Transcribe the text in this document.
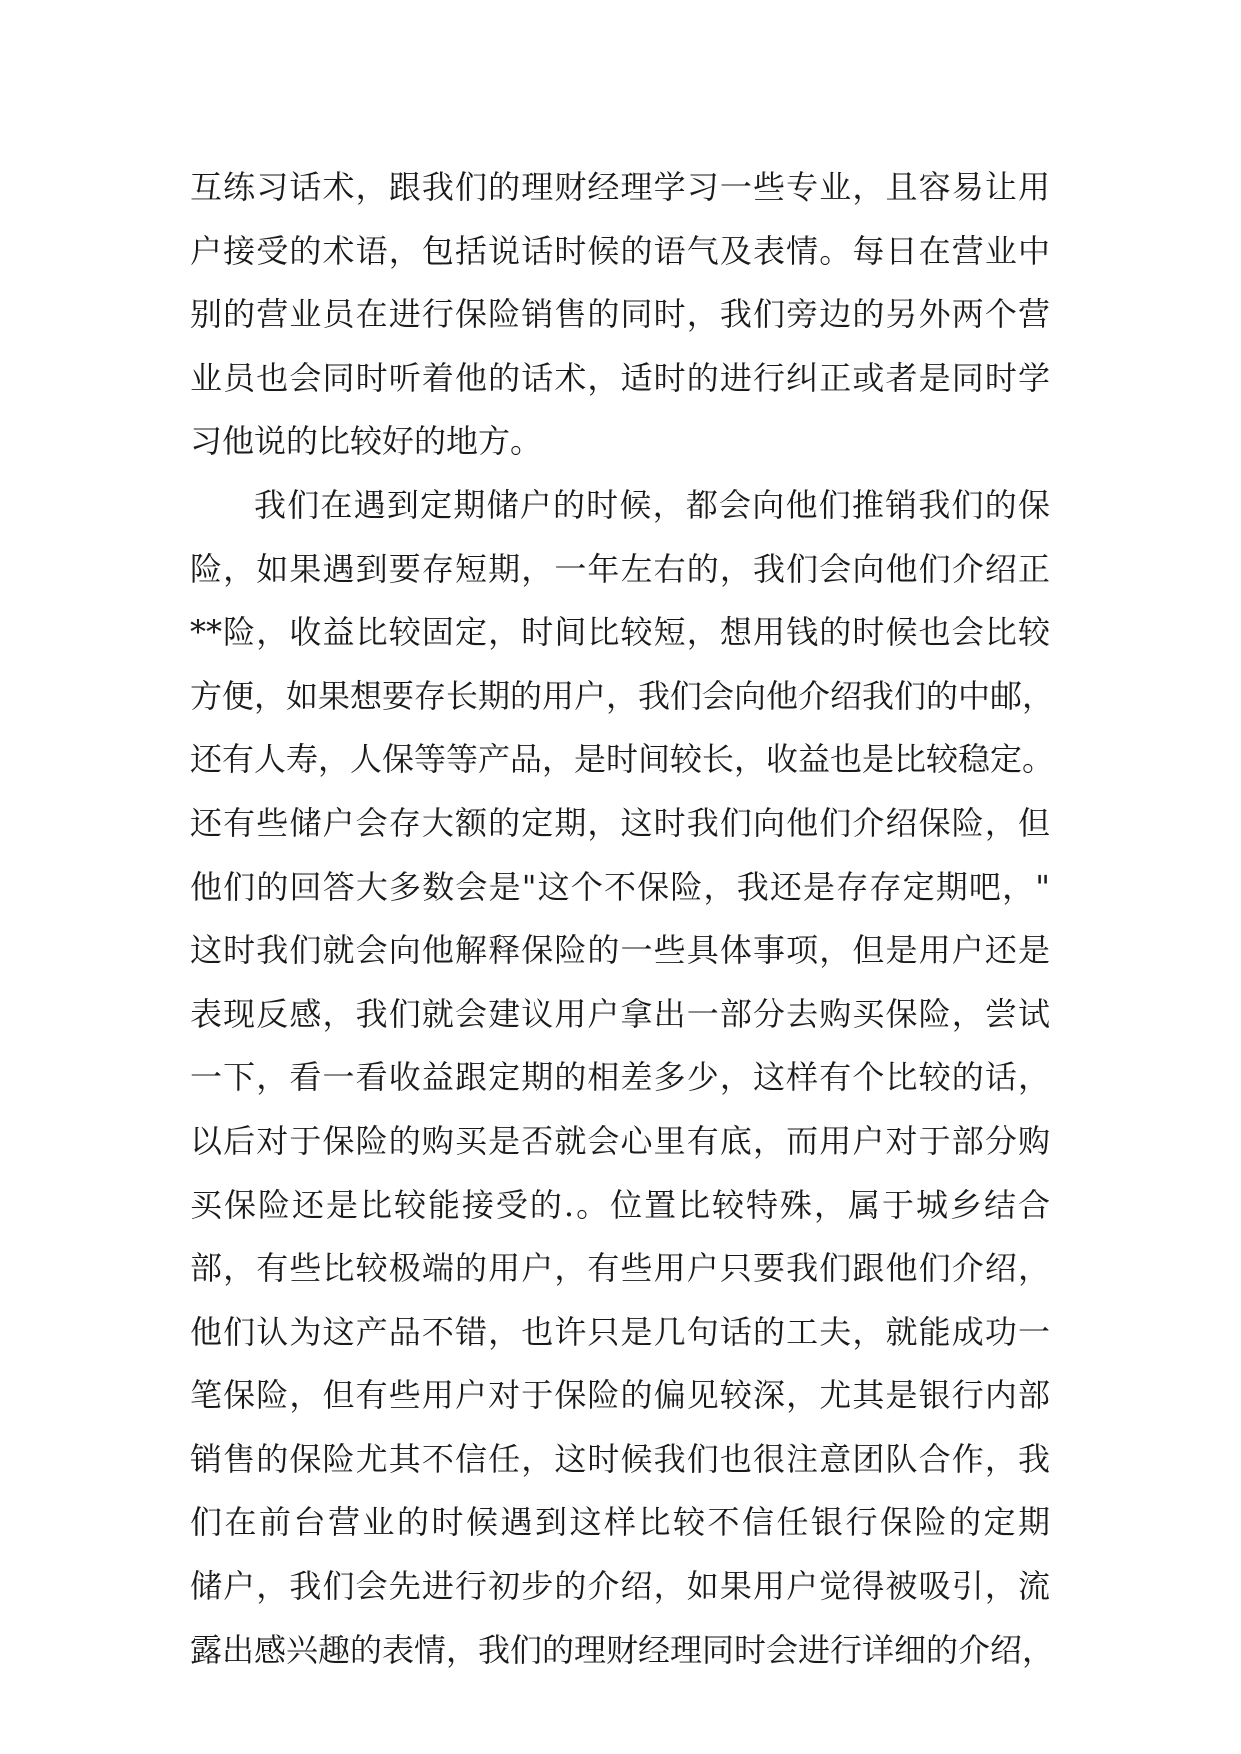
互练习话术，跟我们的理财经理学习一些专业，且容易让用
户接受的术语，包括说话时候的语气及表情。每日在营业中
别的营业员在进行保险销售的同时，我们旁边的另外两个营
业员也会同时听着他的话术，适时的进行纠正或者是同时学
习他说的比较好的地方。
我们在遇到定期储户的时候，都会向他们推销我们的保
险，如果遇到要存短期，一年左右的，我们会向他们介绍正
**险，收益比较固定，时间比较短，想用钱的时候也会比较
方便，如果想要存长期的用户，我们会向他介绍我们的中邮，
还有人寿，人保等等产品，是时间较长，收益也是比较稳定。
还有些储户会存大额的定期，这时我们向他们介绍保险，但
他们的回答大多数会是"这个不保险，我还是存存定期吧，"
这时我们就会向他解释保险的一些具体事项，但是用户还是
表现反感，我们就会建议用户拿出一部分去购买保险，尝试
一下，看一看收益跟定期的相差多少，这样有个比较的话，
以后对于保险的购买是否就会心里有底，而用户对于部分购
买保险还是比较能接受的.。位置比较特殊，属于城乡结合
部，有些比较极端的用户，有些用户只要我们跟他们介绍，
他们认为这产品不错，也许只是几句话的工夫，就能成功一
笔保险，但有些用户对于保险的偏见较深，尤其是银行内部
销售的保险尤其不信任，这时候我们也很注意团队合作，我
们在前台营业的时候遇到这样比较不信任银行保险的定期
储户，我们会先进行初步的介绍，如果用户觉得被吸引，流
露出感兴趣的表情，我们的理财经理同时会进行详细的介绍，
